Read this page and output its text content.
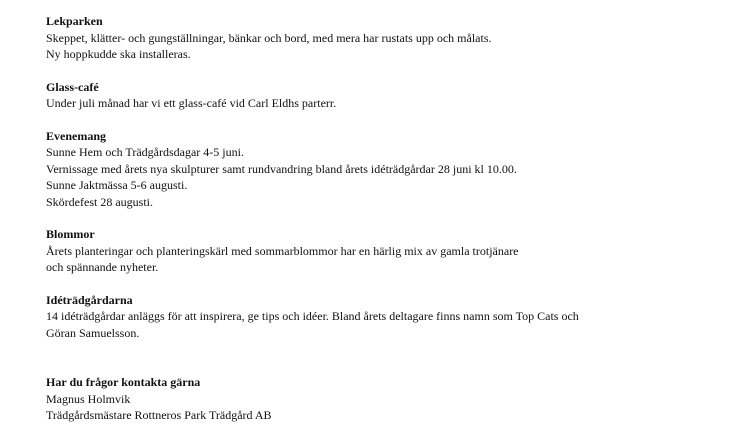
Lekparken

Skeppet, klätter- och gungställningar, bänkar och bord, med mera har rustats upp och målats.

Ny hoppkudde ska installeras.

Glass-café

Under juli månad har vi ett glass-café vid Carl Eldhs parterr.

Evenemang

Sunne Hem och Trädgårdsdagar 4-5 juni.

Vernissage med årets nya skulpturer samt rundvandring bland årets idéträdgårdar 28 juni kl 10.00.

Sunne Jaktmässa 5-6 augusti.

Skördefest 28 augusti.

Blommor

Årets planteringar och planteringskärl med sommarblommor har en härlig mix av gamla trotjänare

och spännande nyheter.

Idéträdgårdarna

14 idéträdgårdar anläggs för att inspirera, ge tips och idéer. Bland årets deltagare finns namn som Top Cats och

Göran Samuelsson.

Har du frågor kontakta gärna

Magnus Holmvik

Trädgårdsmästare Rottneros Park Trädgård AB
